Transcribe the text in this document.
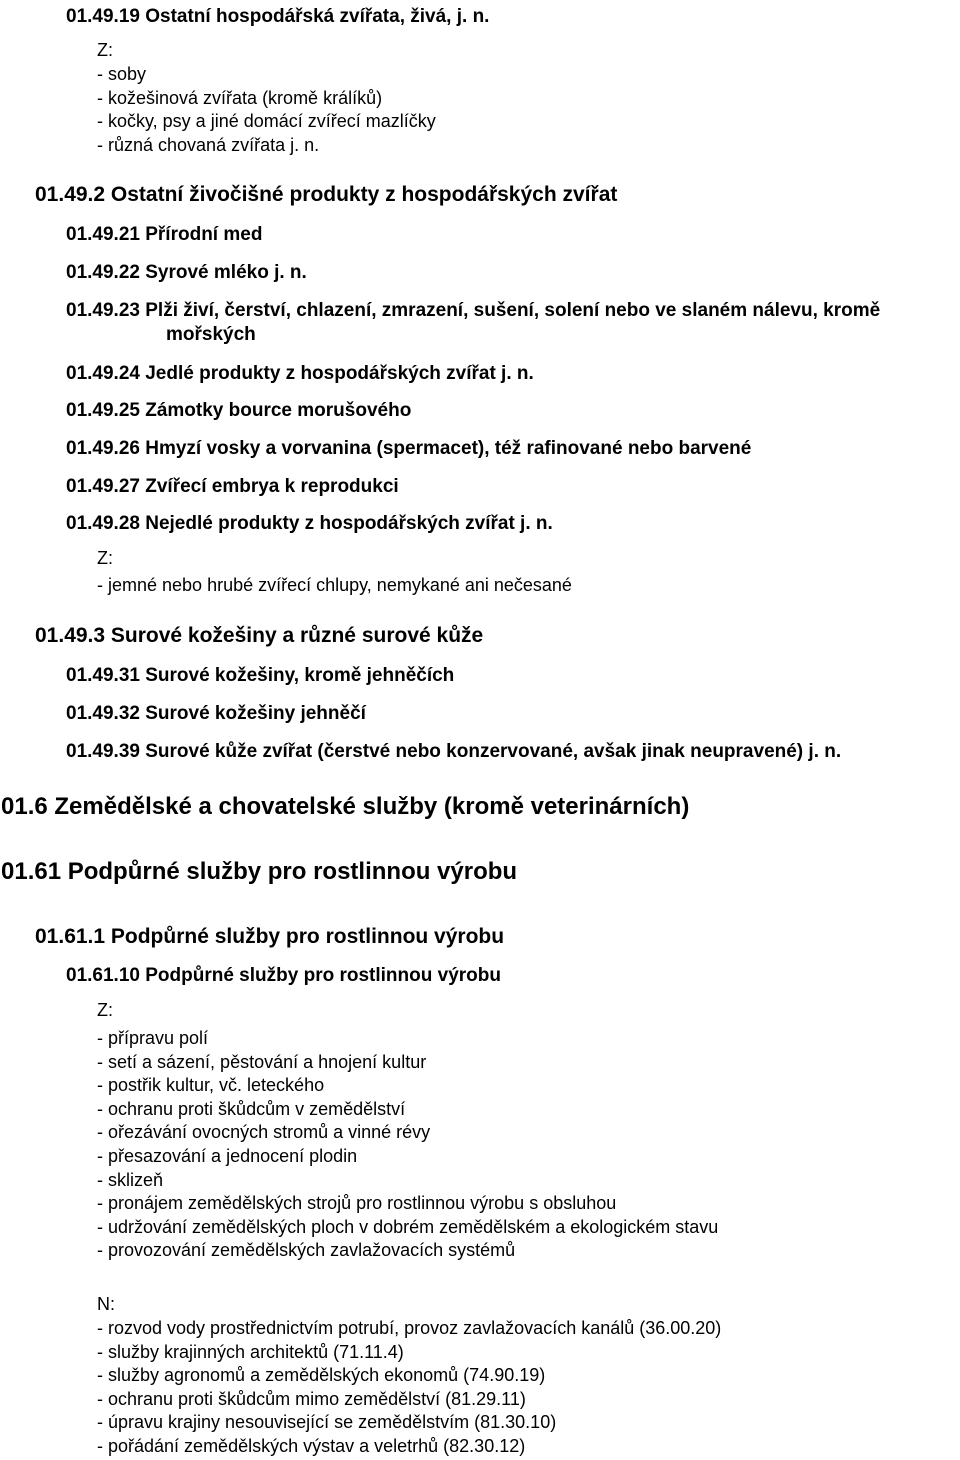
01.49.19 Ostatní hospodářská zvířata, živá, j. n.
Z:
- soby
- kožešinová zvířata (kromě králíků)
- kočky, psy a jiné domácí zvířecí mazlíčky
- různá chovaná zvířata j. n.
01.49.2 Ostatní živočišné produkty z hospodářských zvířat
01.49.21 Přírodní med
01.49.22 Syrové mléko j. n.
01.49.23 Plži živí, čerství, chlazení, zmrazení, sušení, solení nebo ve slaném nálevu, kromě
mořských
01.49.24 Jedlé produkty z hospodářských zvířat j. n.
01.49.25 Zámotky bource morušového
01.49.26 Hmyzí vosky a vorvanina (spermacet), též rafinované nebo barvené
01.49.27 Zvířecí embrya k reprodukci
01.49.28 Nejedlé produkty z hospodářských zvířat j. n.
Z:
- jemné nebo hrubé zvířecí chlupy, nemykané ani nečesané
01.49.3 Surové kožešiny a různé surové kůže
01.49.31 Surové kožešiny, kromě jehněčích
01.49.32 Surové kožešiny jehněčí
01.49.39 Surové kůže zvířat (čerstvé nebo konzervované, avšak jinak neupravené) j. n.
01.6 Zemědělské a chovatelské služby (kromě veterinárních)
01.61 Podpůrné služby pro rostlinnou výrobu
01.61.1 Podpůrné služby pro rostlinnou výrobu
01.61.10 Podpůrné služby pro rostlinnou výrobu
Z:
- přípravu polí
- setí a sázení, pěstování a hnojení kultur
- postřik kultur, vč. leteckého
- ochranu proti škůdcům v zemědělství
- ořezávání ovocných stromů a vinné révy
- přesazování a jednocení plodin
- sklizeň
- pronájem zemědělských strojů pro rostlinnou výrobu s obsluhou
- udržování zemědělských ploch v dobrém zemědělském a ekologickém stavu
- provozování zemědělských zavlažovacích systémů
N:
- rozvod vody prostřednictvím potrubí, provoz zavlažovacích kanálů (36.00.20)
- služby krajinných architektů (71.11.4)
- služby agronomů a zemědělských ekonomů (74.90.19)
- ochranu proti škůdcům mimo zemědělství (81.29.11)
- úpravu krajiny nesouvisející se zemědělstvím (81.30.10)
- pořádání zemědělských výstav a veletrhů (82.30.12)
